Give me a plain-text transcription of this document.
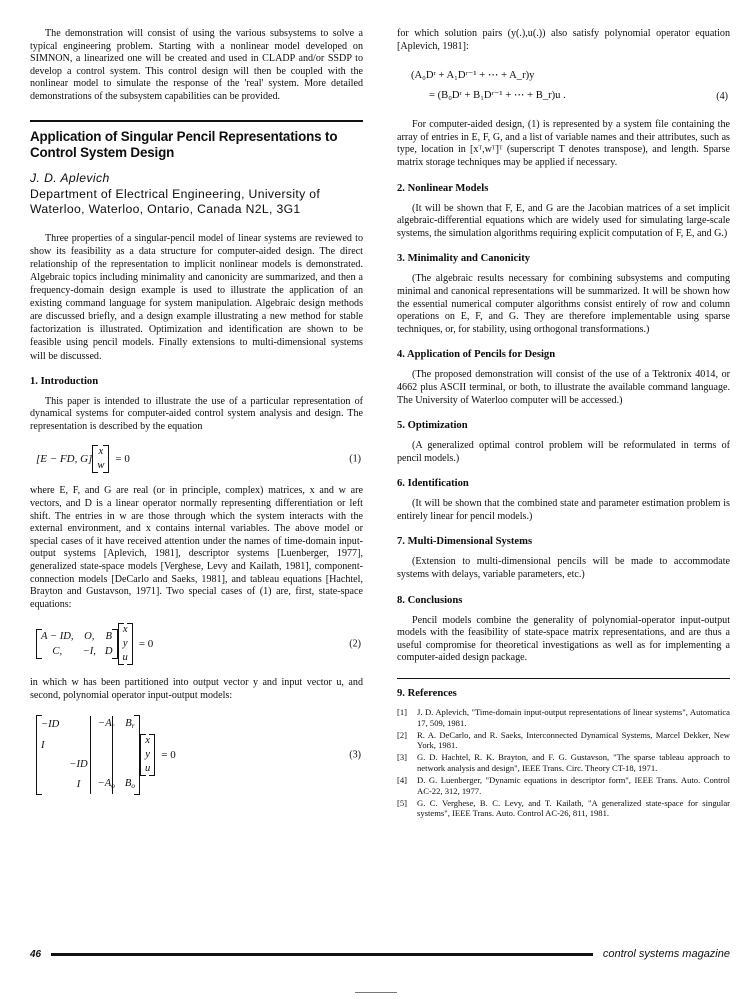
The demonstration will consist of using the various subsystems to solve a typical engineering problem. Starting with a nonlinear model developed on SIMNON, a linearized one will be created and used in CLADP and/or SSDP to develop a control system. This control design will then be coupled with the nonlinear model to simulate the response of the 'real' system. More detailed demonstrations of the subsystem capabilities can be provided.

Application of Singular Pencil Representations to Control System Design
J. D. Aplevich
Department of Electrical Engineering, University of Waterloo, Waterloo, Ontario, Canada N2L, 3G1

Three properties of a singular-pencil model of linear systems are reviewed to show its feasibility as a data structure for computer-aided design. The direct relationship of the representation to implicit nonlinear models is demonstrated. Algebraic topics including minimality and canonicity are summarized, and then a frequency-domain design example is used to illustrate the application of an existing command language for system manipulation. Algebraic design methods are discussed briefly, and a design example illustrating a new method for stable factorization is illustrated. Optimization and identification are shown to be feasible using pencil models. Finally extensions to multi-dimensional systems will be discussed.

1. Introduction

This paper is intended to illustrate the use of a particular representation of dynamical systems for computer-aided control system analysis and design. The representation is described by the equation

[E − FD, G]
x
w
= 0	(1)

where E, F, and G are real (or in principle, complex) matrices, x and w are vectors, and D is a linear operator normally representing differentiation or left shift. The entries in w are those through which the system interacts with the external environment, and x contains internal variables. The above model or special cases of it have received attention under the names of time-domain input-output systems [Aplevich, 1981], descriptor systems [Luenberger, 1977], generalized state-space models [Verghese, Levy and Kailath, 1981], component-connection models [DeCarlo and Saeks, 1981], and tableau equations [Hachtel, Brayton and Gustavson, 1971]. Two special cases of (1) are, first, state-space equations:

A − ID, O, B
C, −I, D
x
y
u
= 0	(2)

in which w has been partitioned into output vector y and input vector u, and second, polynomial operator input-output models:

−ID	$-A_r$ $B_r$
I
−ID
$I -A_o$ $B_o$
x
y
u
= 0	(3)

for which solution pairs (y(.),u(.)) also satisfy polynomial operator equation [Aplevich, 1981]:

(A₀Dʳ + A₁Dʳ⁻¹ + ⋯ + A_r)y
= (B₀Dʳ + B₁Dʳ⁻¹ + ⋯ + B_r)u .	(4)

For computer-aided design, (1) is represented by a system file containing the array of entries in E, F, G, and a list of variable names and their attributes, such as type, location in [xᵀ,wᵀ]ᵀ (superscript T denotes transpose), and length. Sparse matrix storage techniques may be applied if necessary.

2. Nonlinear Models

(It will be shown that F, E, and G are the Jacobian matrices of a set implicit algebraic-differential equations which are widely used for simulating large-scale systems, the simulation algorithms requiring explicit computation of F, E, and G.)

3. Minimality and Canonicity

(The algebraic results necessary for combining subsystems and computing minimal and canonical representations will be summarized. It will be shown how the essential numerical computer algorithms consist entirely of row and column operations on E, F, and G. They are therefore implementable using sparse techniques, or, for stability, using orthogonal transformations.)

4. Application of Pencils for Design

(The proposed demonstration will consist of the use of a Tektronix 4014, or 4662 plus ASCII terminal, or both, to illustrate the available command language. The University of Waterloo computer will be accessed.)

5. Optimization

(A generalized optimal control problem will be reformulated in terms of pencil models.)

6. Identification

(It will be shown that the combined state and parameter estimation problem is entirely linear for pencil models.)

7. Multi-Dimensional Systems

(Extension to multi-dimensional pencils will be made to accommodate systems with delays, variable parameters, etc.)

8. Conclusions

Pencil models combine the generality of polynomial-operator input-output models with the feasibility of state-space matrix representations, and are thus a useful compromise for theoretical investigations as well as for implementing a computer-aided design package.

9. References
[1]	J. D. Aplevich, "Time-domain input-output representations of linear systems", Automatica 17, 509, 1981.
[2]	R. A. DeCarlo, and R. Saeks, Interconnected Dynamical Systems, Marcel Dekker, New York, 1981.
[3]	G. D. Hachtel, R. K. Brayton, and F. G. Gustavson, "The sparse tableau approach to network analysis and design", IEEE Trans. Circ. Theory CT-18, 1971.
[4]	D. G. Luenberger, "Dynamic equations in descriptor form", IEEE Trans. Auto. Control AC-22, 312, 1977.
[5]	G. C. Verghese, B. C. Levy, and T. Kailath, "A generalized state-space for singular systems", IEEE Trans. Auto. Control AC-26, 811, 1981.
46	control systems magazine
